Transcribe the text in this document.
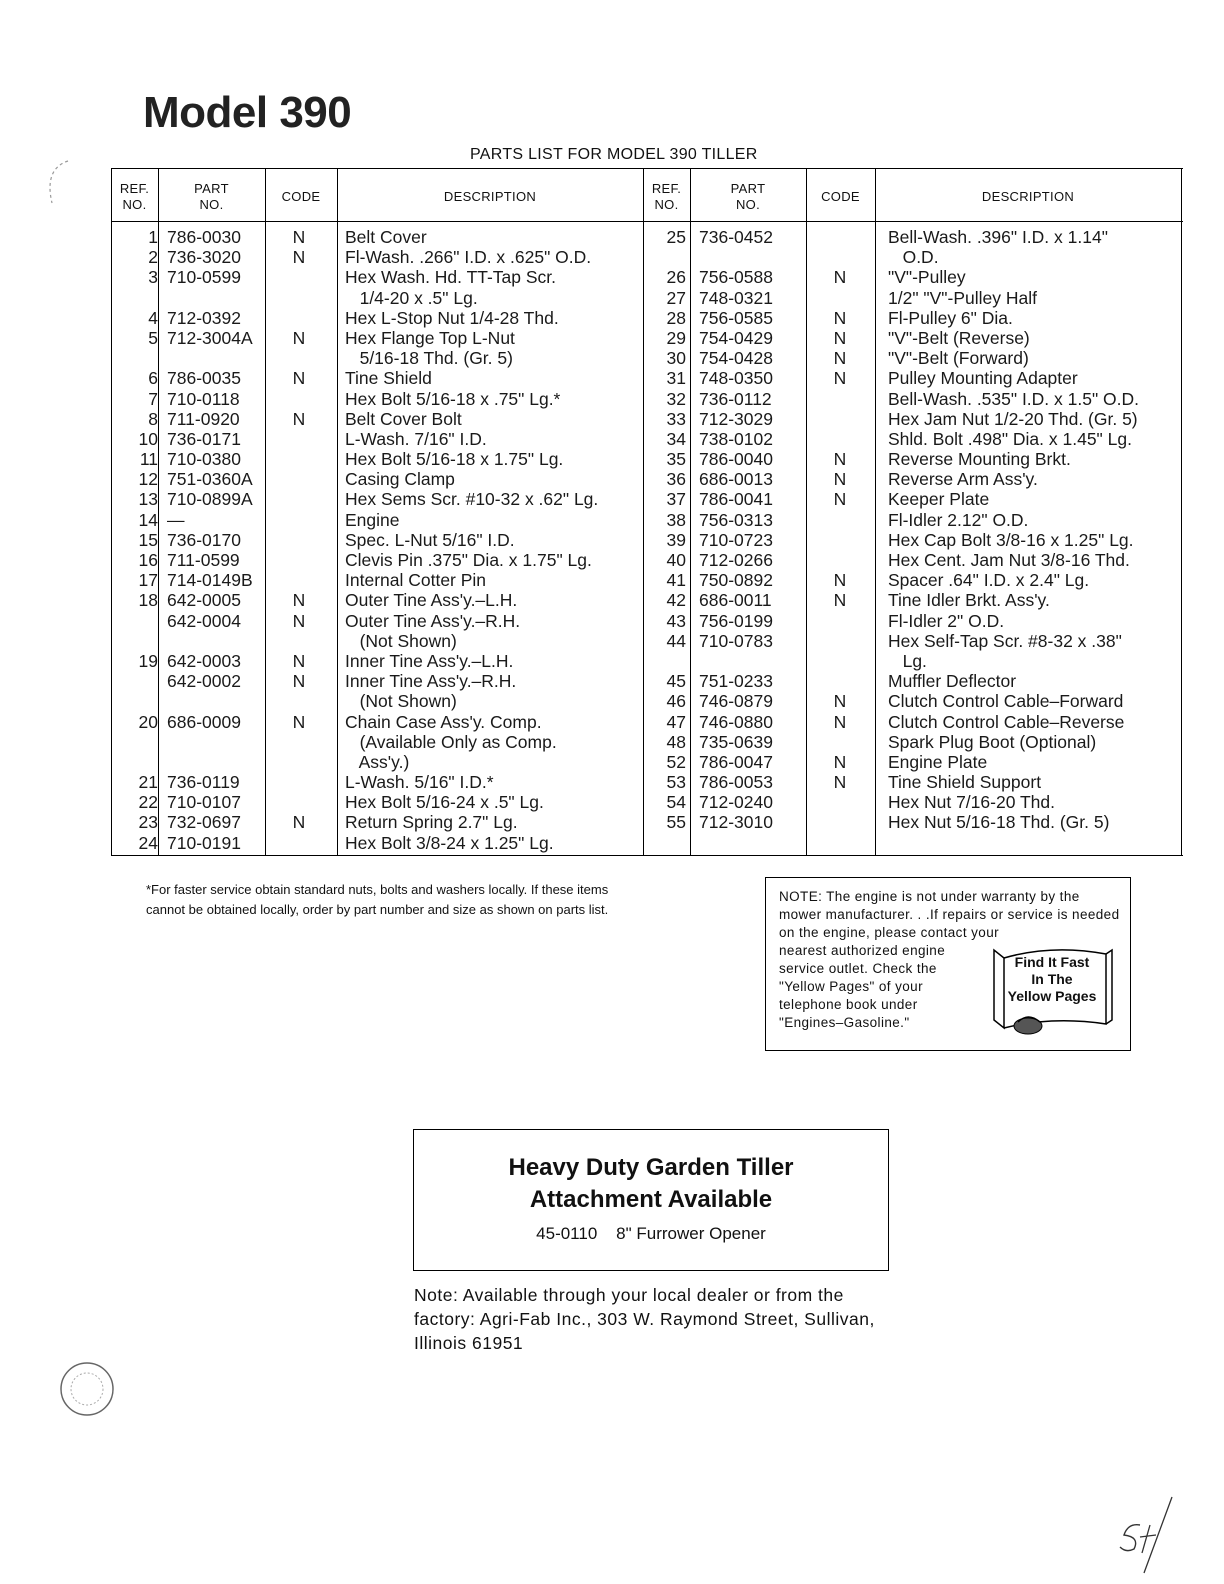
Model 390
PARTS LIST FOR MODEL 390 TILLER
REF.
NO.
PART
NO.
CODE	DESCRIPTION
REF.
NO.
PART
NO.
CODE	DESCRIPTION
1
2
3
4
5
6
7
8
10
11
12
13
14
15
16
17
18
19
20
21
22
23
24
786-0030
736-3020
710-0599
712-0392
712-3004A
786-0035
710-0118
711-0920
736-0171
710-0380
751-0360A
710-0899A
—
736-0170
711-0599
714-0149B
642-0005
642-0004
642-0003
642-0002
686-0009
736-0119
710-0107
732-0697
710-0191
N
N
N
N
N
N
N
N
N
N
N
Belt Cover
Fl-Wash. .266" I.D. x .625" O.D.
Hex Wash. Hd. TT-Tap Scr.
1/4-20 x .5" Lg.
Hex L-Stop Nut 1/4-28 Thd.
Hex Flange Top L-Nut
5/16-18 Thd. (Gr. 5)
Tine Shield
Hex Bolt 5/16-18 x .75" Lg.*
Belt Cover Bolt
L-Wash. 7/16" I.D.
Hex Bolt 5/16-18 x 1.75" Lg.
Casing Clamp
Hex Sems Scr. #10-32 x .62" Lg.
Engine
Spec. L-Nut 5/16" I.D.
Clevis Pin .375" Dia. x 1.75" Lg.
Internal Cotter Pin
Outer Tine Ass'y.–L.H.
Outer Tine Ass'y.–R.H.
(Not Shown)
Inner Tine Ass'y.–L.H.
Inner Tine Ass'y.–R.H.
(Not Shown)
Chain Case Ass'y. Comp.
(Available Only as Comp.
Ass'y.)
L-Wash. 5/16" I.D.*
Hex Bolt 5/16-24 x .5" Lg.
Return Spring 2.7" Lg.
Hex Bolt 3/8-24 x 1.25" Lg.
25
26
27
28
29
30
31
32
33
34
35
36
37
38
39
40
41
42
43
44
45
46
47
48
52
53
54
55
736-0452
756-0588
748-0321
756-0585
754-0429
754-0428
748-0350
736-0112
712-3029
738-0102
786-0040
686-0013
786-0041
756-0313
710-0723
712-0266
750-0892
686-0011
756-0199
710-0783
751-0233
746-0879
746-0880
735-0639
786-0047
786-0053
712-0240
712-3010
N
N
N
N
N
N
N
N
N
N
N
N
N
N
Bell-Wash. .396" I.D. x 1.14"
O.D.
"V"-Pulley
1/2" "V"-Pulley Half
Fl-Pulley 6" Dia.
"V"-Belt (Reverse)
"V"-Belt (Forward)
Pulley Mounting Adapter
Bell-Wash. .535" I.D. x 1.5" O.D.
Hex Jam Nut 1/2-20 Thd. (Gr. 5)
Shld. Bolt .498" Dia. x 1.45" Lg.
Reverse Mounting Brkt.
Reverse Arm Ass'y.
Keeper Plate
Fl-Idler 2.12" O.D.
Hex Cap Bolt 3/8-16 x 1.25" Lg.
Hex Cent. Jam Nut 3/8-16 Thd.
Spacer .64" I.D. x 2.4" Lg.
Tine Idler Brkt. Ass'y.
Fl-Idler 2" O.D.
Hex Self-Tap Scr. #8-32 x .38"
Lg.
Muffler Deflector
Clutch Control Cable–Forward
Clutch Control Cable–Reverse
Spark Plug Boot (Optional)
Engine Plate
Tine Shield Support
Hex Nut 7/16-20 Thd.
Hex Nut 5/16-18 Thd. (Gr. 5)
*For faster service obtain standard nuts, bolts and washers locally. If these items cannot be obtained locally, order by part number and size as shown on parts list.
NOTE: The engine is not under warranty by the mower manufacturer. . .If repairs or service is needed on the engine, please contact your
nearest authorized engine service outlet. Check the "Yellow Pages" of your telephone book under "Engines–Gasoline."
Find It Fast
In The
Yellow Pages
Heavy Duty Garden Tiller
Attachment Available
45-0110    8" Furrower Opener
Note: Available through your local dealer or from the factory: Agri-Fab Inc., 303 W. Raymond Street, Sullivan, Illinois 61951
